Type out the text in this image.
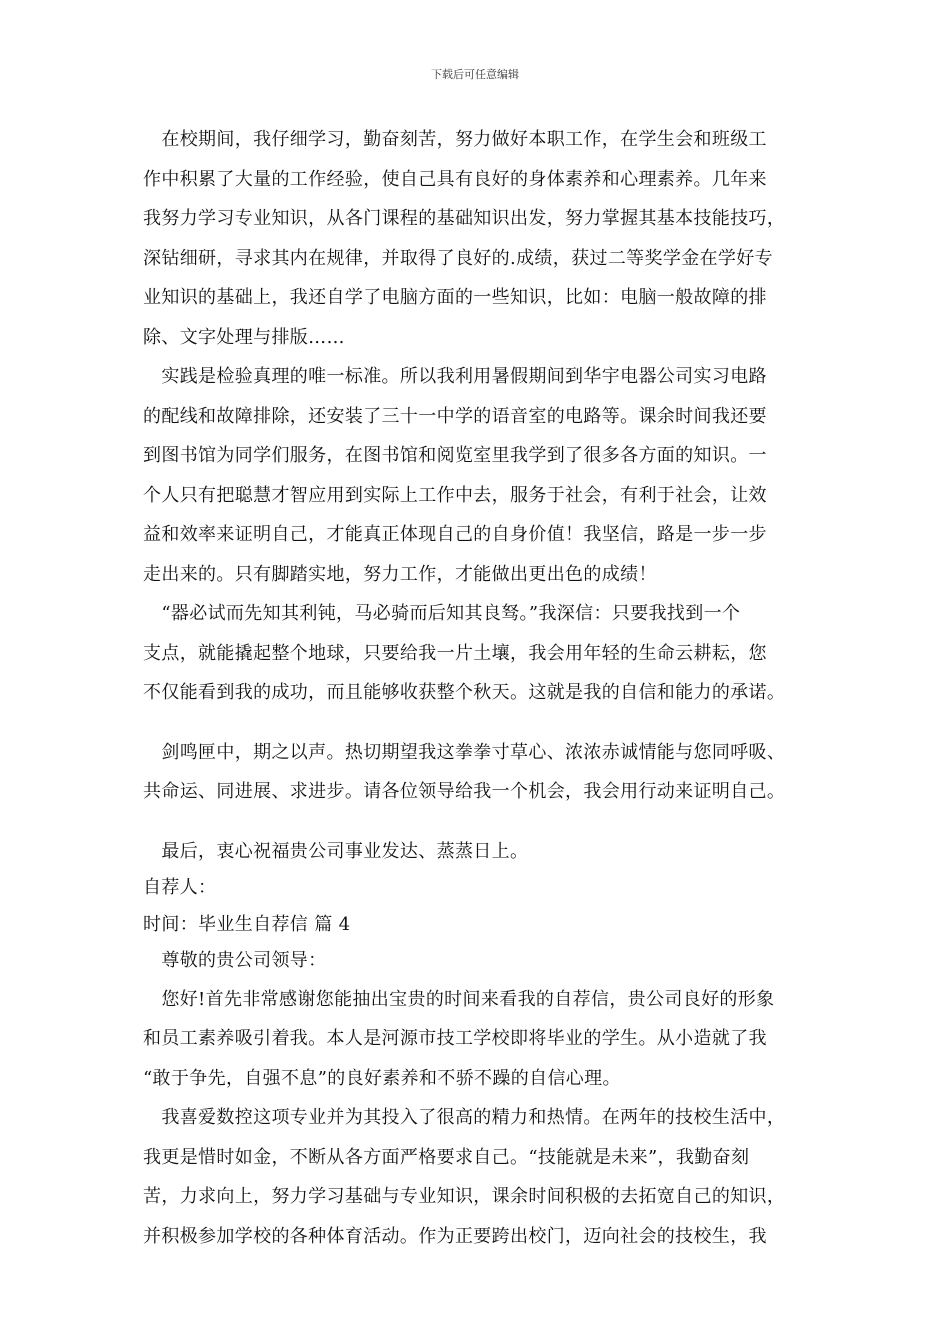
下载后可任意编辑
　在校期间，我仔细学习，勤奋刻苦，努力做好本职工作，在学生会和班级工
作中积累了大量的工作经验，使自己具有良好的身体素养和心理素养。几年来
我努力学习专业知识，从各门课程的基础知识出发，努力掌握其基本技能技巧，
深钻细研，寻求其内在规律，并取得了良好的.成绩，获过二等奖学金在学好专
业知识的基础上，我还自学了电脑方面的一些知识，比如：电脑一般故障的排
除、文字处理与排版……
　实践是检验真理的唯一标准。所以我利用暑假期间到华宇电器公司实习电路
的配线和故障排除，还安装了三十一中学的语音室的电路等。课余时间我还要
到图书馆为同学们服务，在图书馆和阅览室里我学到了很多各方面的知识。一
个人只有把聪慧才智应用到实际上工作中去，服务于社会，有利于社会，让效
益和效率来证明自己，才能真正体现自己的自身价值！我坚信，路是一步一步
走出来的。只有脚踏实地，努力工作，才能做出更出色的成绩！
　“器必试而先知其利钝，马必骑而后知其良驽。”我深信：只要我找到一个
支点，就能撬起整个地球，只要给我一片土壤，我会用年轻的生命云耕耘，您
不仅能看到我的成功，而且能够收获整个秋天。这就是我的自信和能力的承诺。
　剑鸣匣中，期之以声。热切期望我这拳拳寸草心、浓浓赤诚情能与您同呼吸、
共命运、同进展、求进步。请各位领导给我一个机会，我会用行动来证明自己。
　最后，衷心祝福贵公司事业发达、蒸蒸日上。
自荐人：
时间：毕业生自荐信 篇 4
　尊敬的贵公司领导：
　您好!首先非常感谢您能抽出宝贵的时间来看我的自荐信，贵公司良好的形象
和员工素养吸引着我。本人是河源市技工学校即将毕业的学生。从小造就了我
“敢于争先，自强不息”的良好素养和不骄不躁的自信心理。
　我喜爱数控这项专业并为其投入了很高的精力和热情。在两年的技校生活中，
我更是惜时如金，不断从各方面严格要求自己。“技能就是未来”，我勤奋刻
苦，力求向上，努力学习基础与专业知识，课余时间积极的去拓宽自己的知识，
并积极参加学校的各种体育活动。作为正要跨出校门，迈向社会的技校生，我
